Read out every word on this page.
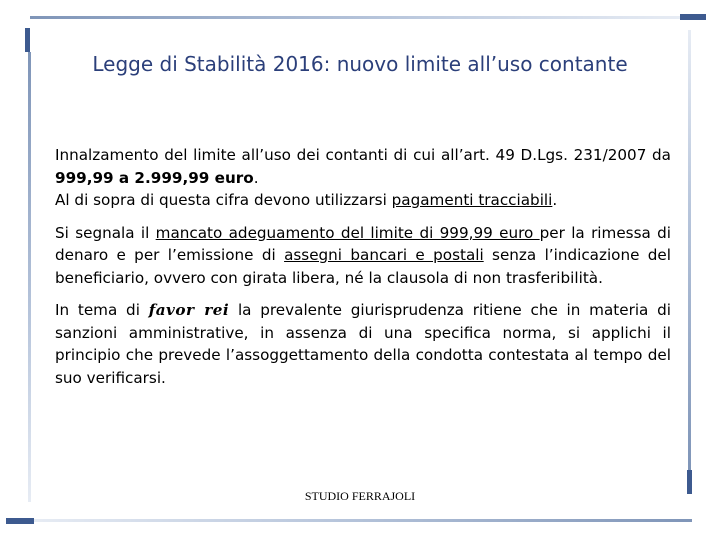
Legge di Stabilità 2016: nuovo limite all’uso contante

Innalzamento del limite all’uso dei contanti di cui all’art. 49 D.Lgs. 231/2007 da 999,99 a 2.999,99 euro.
Al di sopra di questa cifra devono utilizzarsi pagamenti tracciabili.

Si segnala il mancato adeguamento del limite di 999,99 euro per la rimessa di denaro e per l’emissione di assegni bancari e postali senza l’indicazione del beneficiario, ovvero con girata libera, né la clausola di non trasferibilità.

In tema di favor rei la prevalente giurisprudenza ritiene che in materia di sanzioni amministrative, in assenza di una specifica norma, si applichi il principio che prevede l’assoggettamento della condotta contestata al tempo del suo verificarsi.

STUDIO FERRAJOLI
